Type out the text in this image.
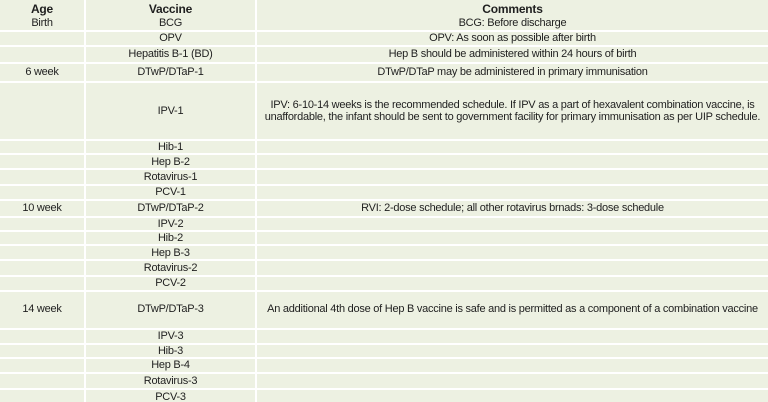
Age	Vaccine	Comments
Birth	BCG	BCG: Before discharge
	OPV	OPV: As soon as possible after birth
	Hepatitis B-1 (BD)	Hep B should be administered within 24 hours of birth
6 week	DTwP/DTaP-1	DTwP/DTaP may be administered in primary immunisation
	IPV-1	IPV: 6-10-14 weeks is the recommended schedule. If IPV as a part of hexavalent combination vaccine, is unaffordable, the infant should be sent to government facility for primary immunisation as per UIP schedule.
	Hib-1	
	Hep B-2	
	Rotavirus-1	
	PCV-1	
10 week	DTwP/DTaP-2	RVI: 2-dose schedule; all other rotavirus brnads: 3-dose schedule
	IPV-2	
	Hib-2	
	Hep B-3	
	Rotavirus-2	
	PCV-2	
14 week	DTwP/DTaP-3	An additional 4th dose of Hep B vaccine is safe and is permitted as a component of a combination vaccine
	IPV-3	
	Hib-3	
	Hep B-4	
	Rotavirus-3	
	PCV-3	
